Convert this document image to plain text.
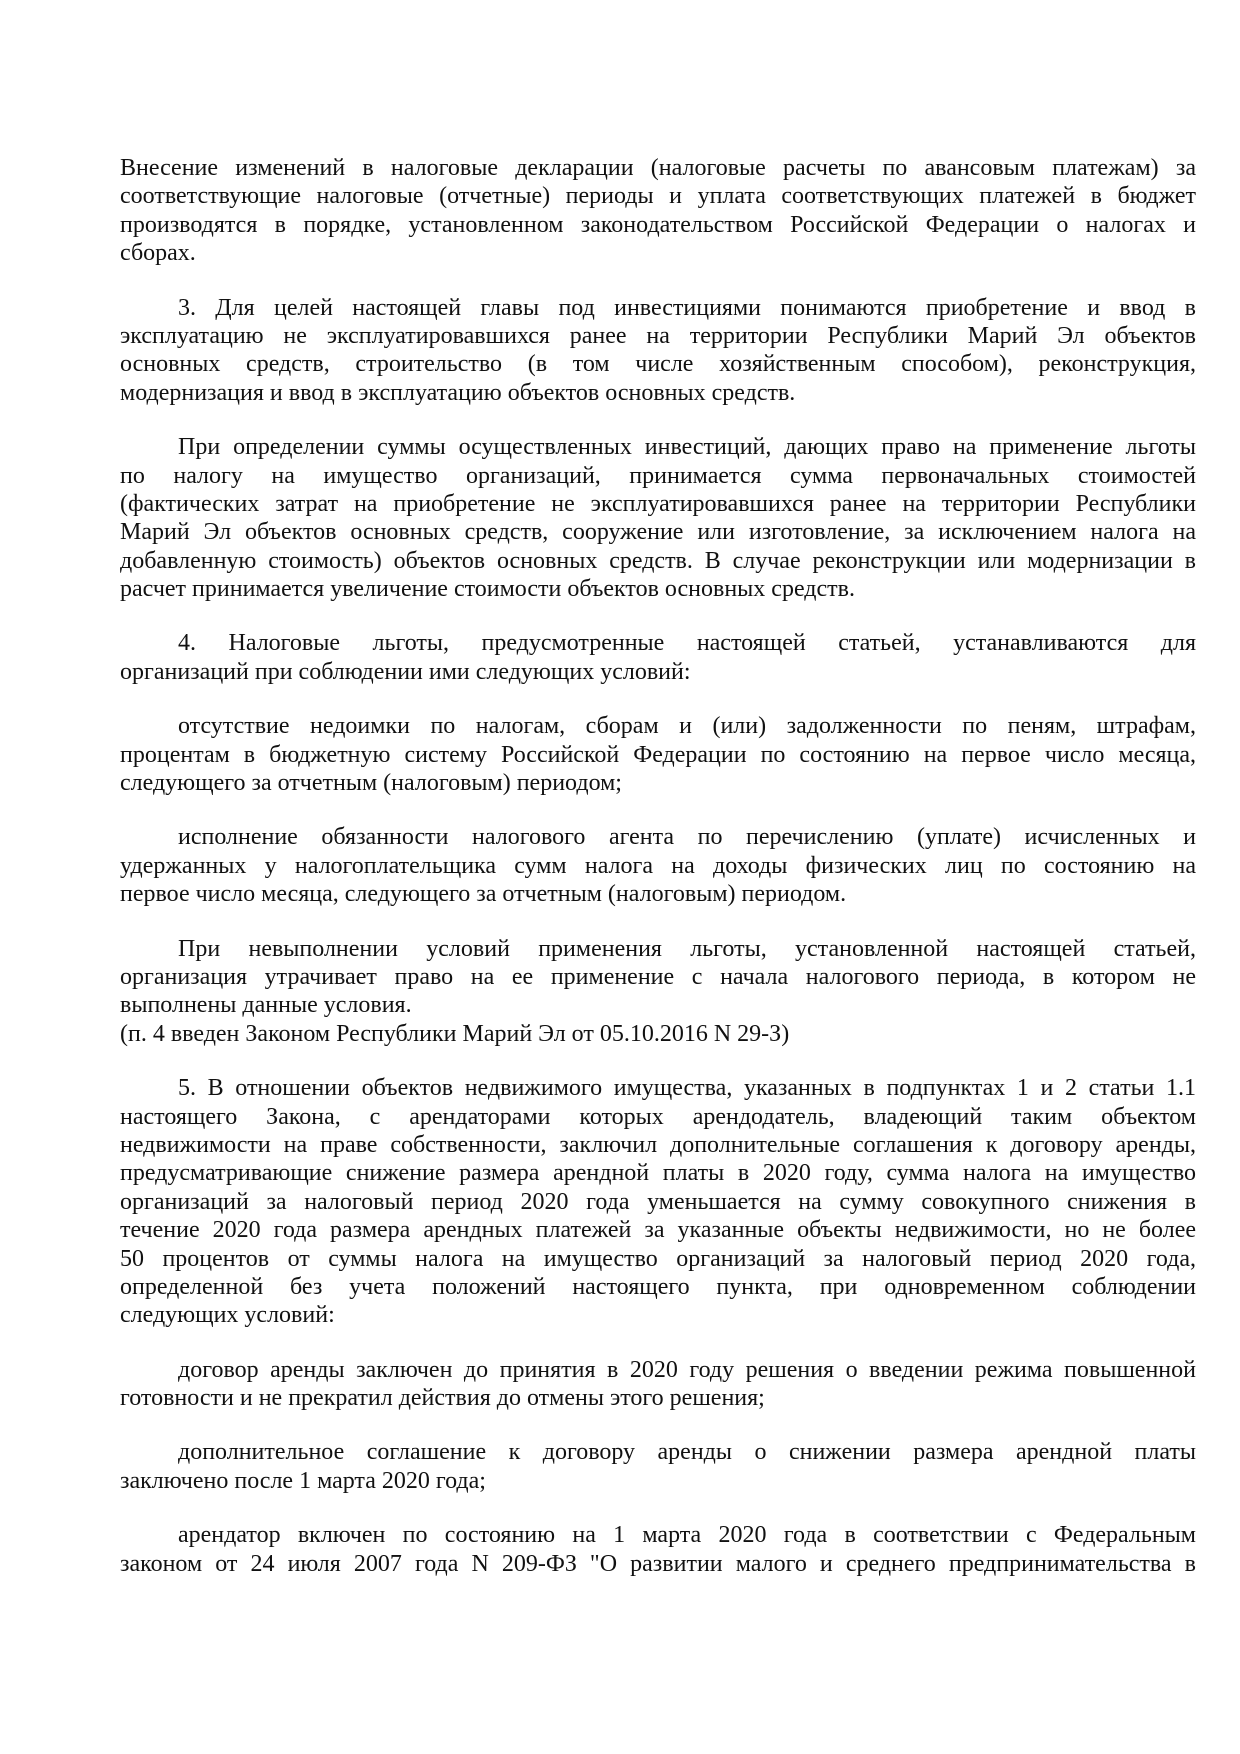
Внесение изменений в налоговые декларации (налоговые расчеты по авансовым платежам) за
соответствующие налоговые (отчетные) периоды и уплата соответствующих платежей в бюджет
производятся в порядке, установленном законодательством Российской Федерации о налогах и
сборах.
3. Для целей настоящей главы под инвестициями понимаются приобретение и ввод в
эксплуатацию не эксплуатировавшихся ранее на территории Республики Марий Эл объектов
основных средств, строительство (в том числе хозяйственным способом), реконструкция,
модернизация и ввод в эксплуатацию объектов основных средств.
При определении суммы осуществленных инвестиций, дающих право на применение льготы
по налогу на имущество организаций, принимается сумма первоначальных стоимостей
(фактических затрат на приобретение не эксплуатировавшихся ранее на территории Республики
Марий Эл объектов основных средств, сооружение или изготовление, за исключением налога на
добавленную стоимость) объектов основных средств. В случае реконструкции или модернизации в
расчет принимается увеличение стоимости объектов основных средств.
4. Налоговые льготы, предусмотренные настоящей статьей, устанавливаются для
организаций при соблюдении ими следующих условий:
отсутствие недоимки по налогам, сборам и (или) задолженности по пеням, штрафам,
процентам в бюджетную систему Российской Федерации по состоянию на первое число месяца,
следующего за отчетным (налоговым) периодом;
исполнение обязанности налогового агента по перечислению (уплате) исчисленных и
удержанных у налогоплательщика сумм налога на доходы физических лиц по состоянию на
первое число месяца, следующего за отчетным (налоговым) периодом.
При невыполнении условий применения льготы, установленной настоящей статьей,
организация утрачивает право на ее применение с начала налогового периода, в котором не
выполнены данные условия.
(п. 4 введен Законом Республики Марий Эл от 05.10.2016 N 29-З)
5. В отношении объектов недвижимого имущества, указанных в подпунктах 1 и 2 статьи 1.1
настоящего Закона, с арендаторами которых арендодатель, владеющий таким объектом
недвижимости на праве собственности, заключил дополнительные соглашения к договору аренды,
предусматривающие снижение размера арендной платы в 2020 году, сумма налога на имущество
организаций за налоговый период 2020 года уменьшается на сумму совокупного снижения в
течение 2020 года размера арендных платежей за указанные объекты недвижимости, но не более
50 процентов от суммы налога на имущество организаций за налоговый период 2020 года,
определенной без учета положений настоящего пункта, при одновременном соблюдении
следующих условий:
договор аренды заключен до принятия в 2020 году решения о введении режима повышенной
готовности и не прекратил действия до отмены этого решения;
дополнительное соглашение к договору аренды о снижении размера арендной платы
заключено после 1 марта 2020 года;
арендатор включен по состоянию на 1 марта 2020 года в соответствии с Федеральным
законом от 24 июля 2007 года N 209-ФЗ "О развитии малого и среднего предпринимательства в
